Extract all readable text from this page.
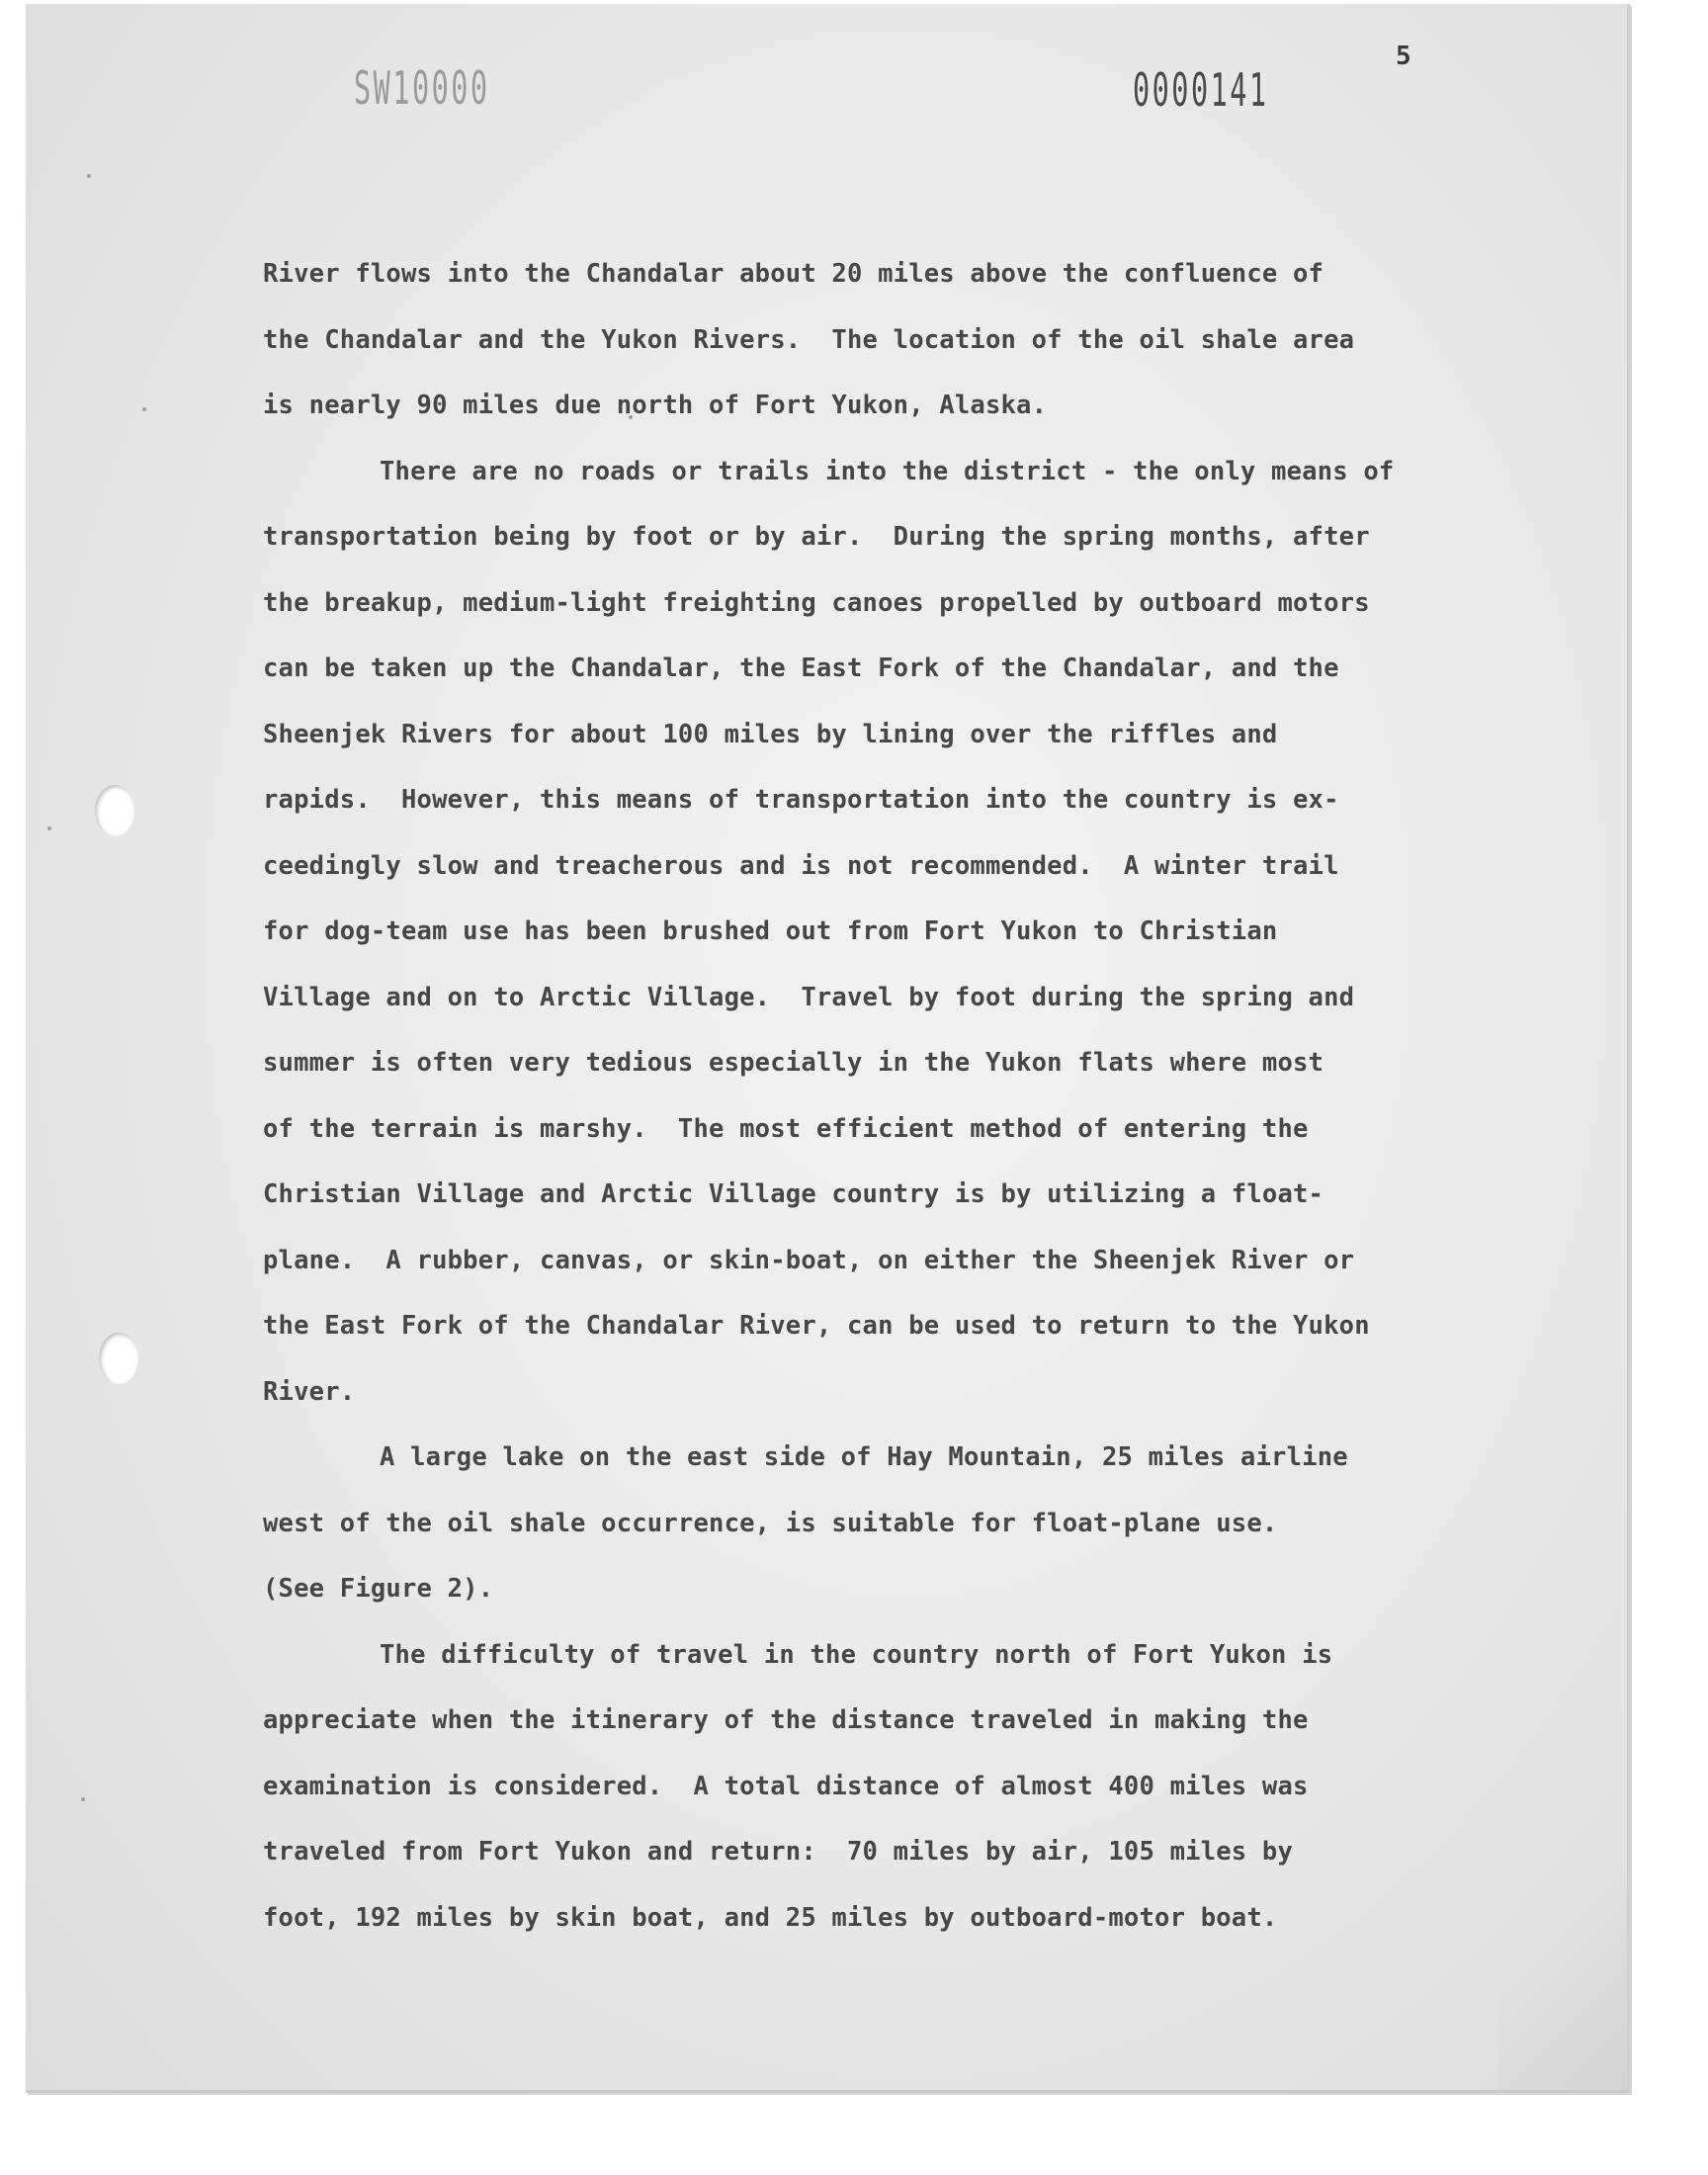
SW10000	0000141
5
River flows into the Chandalar about 20 miles above the confluence of
the Chandalar and the Yukon Rivers.  The location of the oil shale area
is nearly 90 miles due north of Fort Yukon, Alaska.
There are no roads or trails into the district - the only means of
transportation being by foot or by air.  During the spring months, after
the breakup, medium-light freighting canoes propelled by outboard motors
can be taken up the Chandalar, the East Fork of the Chandalar, and the
Sheenjek Rivers for about 100 miles by lining over the riffles and
rapids.  However, this means of transportation into the country is ex-
ceedingly slow and treacherous and is not recommended.  A winter trail
for dog-team use has been brushed out from Fort Yukon to Christian
Village and on to Arctic Village.  Travel by foot during the spring and
summer is often very tedious especially in the Yukon flats where most
of the terrain is marshy.  The most efficient method of entering the
Christian Village and Arctic Village country is by utilizing a float-
plane.  A rubber, canvas, or skin-boat, on either the Sheenjek River or
the East Fork of the Chandalar River, can be used to return to the Yukon
River.
A large lake on the east side of Hay Mountain, 25 miles airline
west of the oil shale occurrence, is suitable for float-plane use.
(See Figure 2).
The difficulty of travel in the country north of Fort Yukon is
appreciate when the itinerary of the distance traveled in making the
examination is considered.  A total distance of almost 400 miles was
traveled from Fort Yukon and return:  70 miles by air, 105 miles by
foot, 192 miles by skin boat, and 25 miles by outboard-motor boat.
